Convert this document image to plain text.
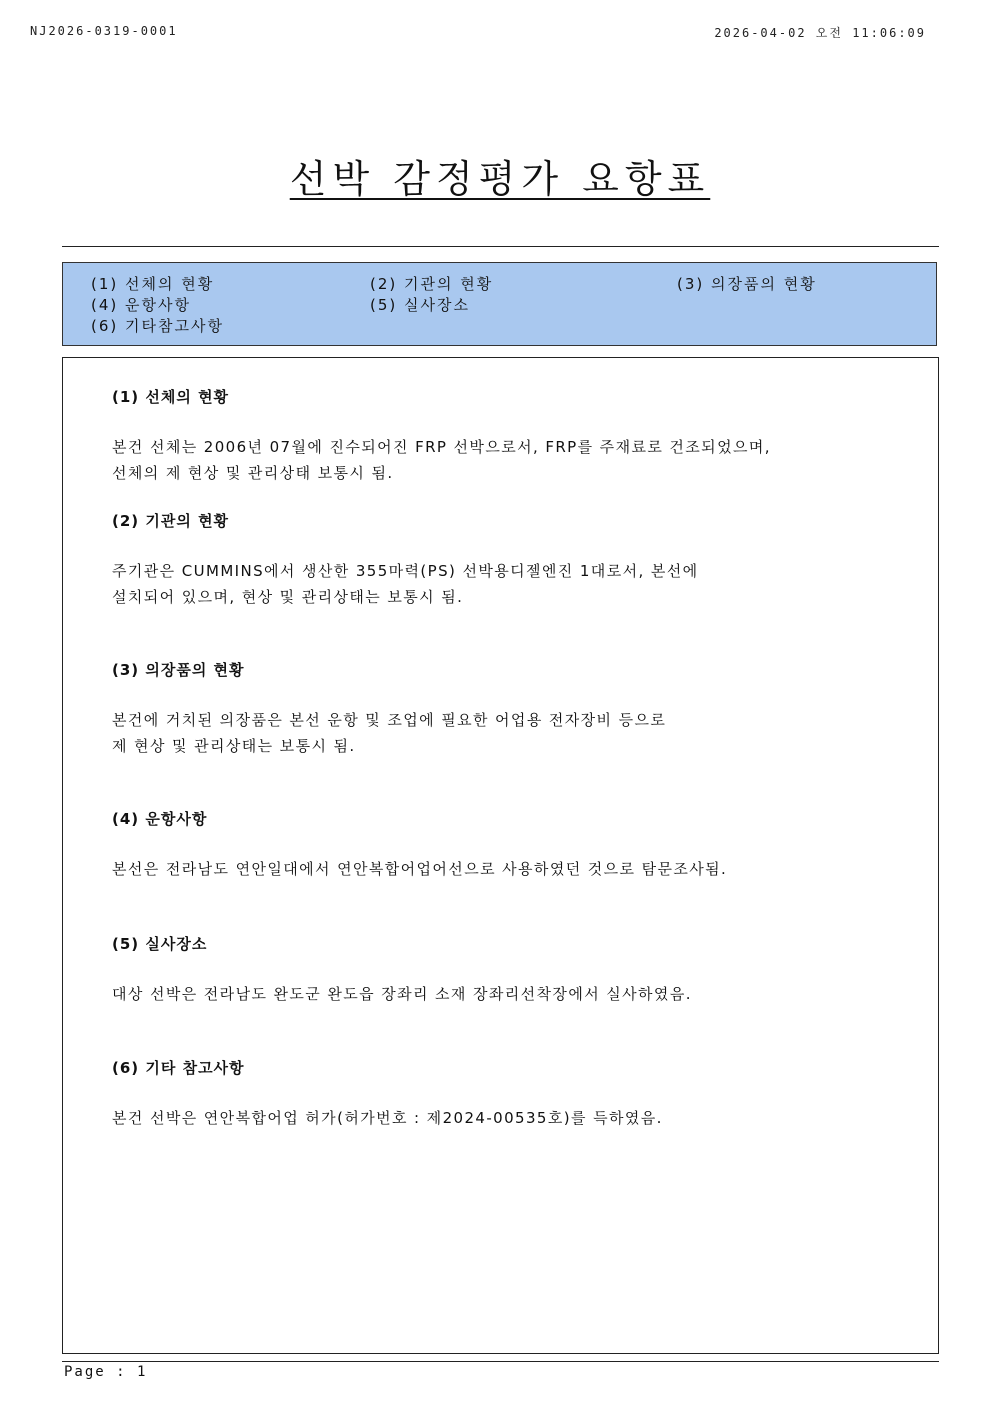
NJ2026-0319-0001	2026-04-02 오전 11:06:09
선박 감정평가 요항표
(1) 선체의 현황	(2) 기관의 현황	(3) 의장품의 현황
(4) 운항사항	(5) 실사장소
(6) 기타참고사항
(1) 선체의 현황
본건 선체는 2006년 07월에 진수되어진 FRP 선박으로서, FRP를 주재료로 건조되었으며,
선체의 제 현상 및 관리상태 보통시 됨.
(2) 기관의 현황
주기관은 CUMMINS에서 생산한 355마력(PS) 선박용디젤엔진 1대로서, 본선에
설치되어 있으며, 현상 및 관리상태는 보통시 됨.
(3) 의장품의 현황
본건에 거치된 의장품은 본선 운항 및 조업에 필요한 어업용 전자장비 등으로
제 현상 및 관리상태는 보통시 됨.
(4) 운항사항
본선은 전라남도 연안일대에서 연안복합어업어선으로 사용하였던 것으로 탐문조사됨.
(5) 실사장소
대상 선박은 전라남도 완도군 완도읍 장좌리 소재 장좌리선착장에서 실사하였음.
(6) 기타 참고사항
본건 선박은 연안복합어업 허가(허가번호 : 제2024-00535호)를 득하였음.
Page : 1
